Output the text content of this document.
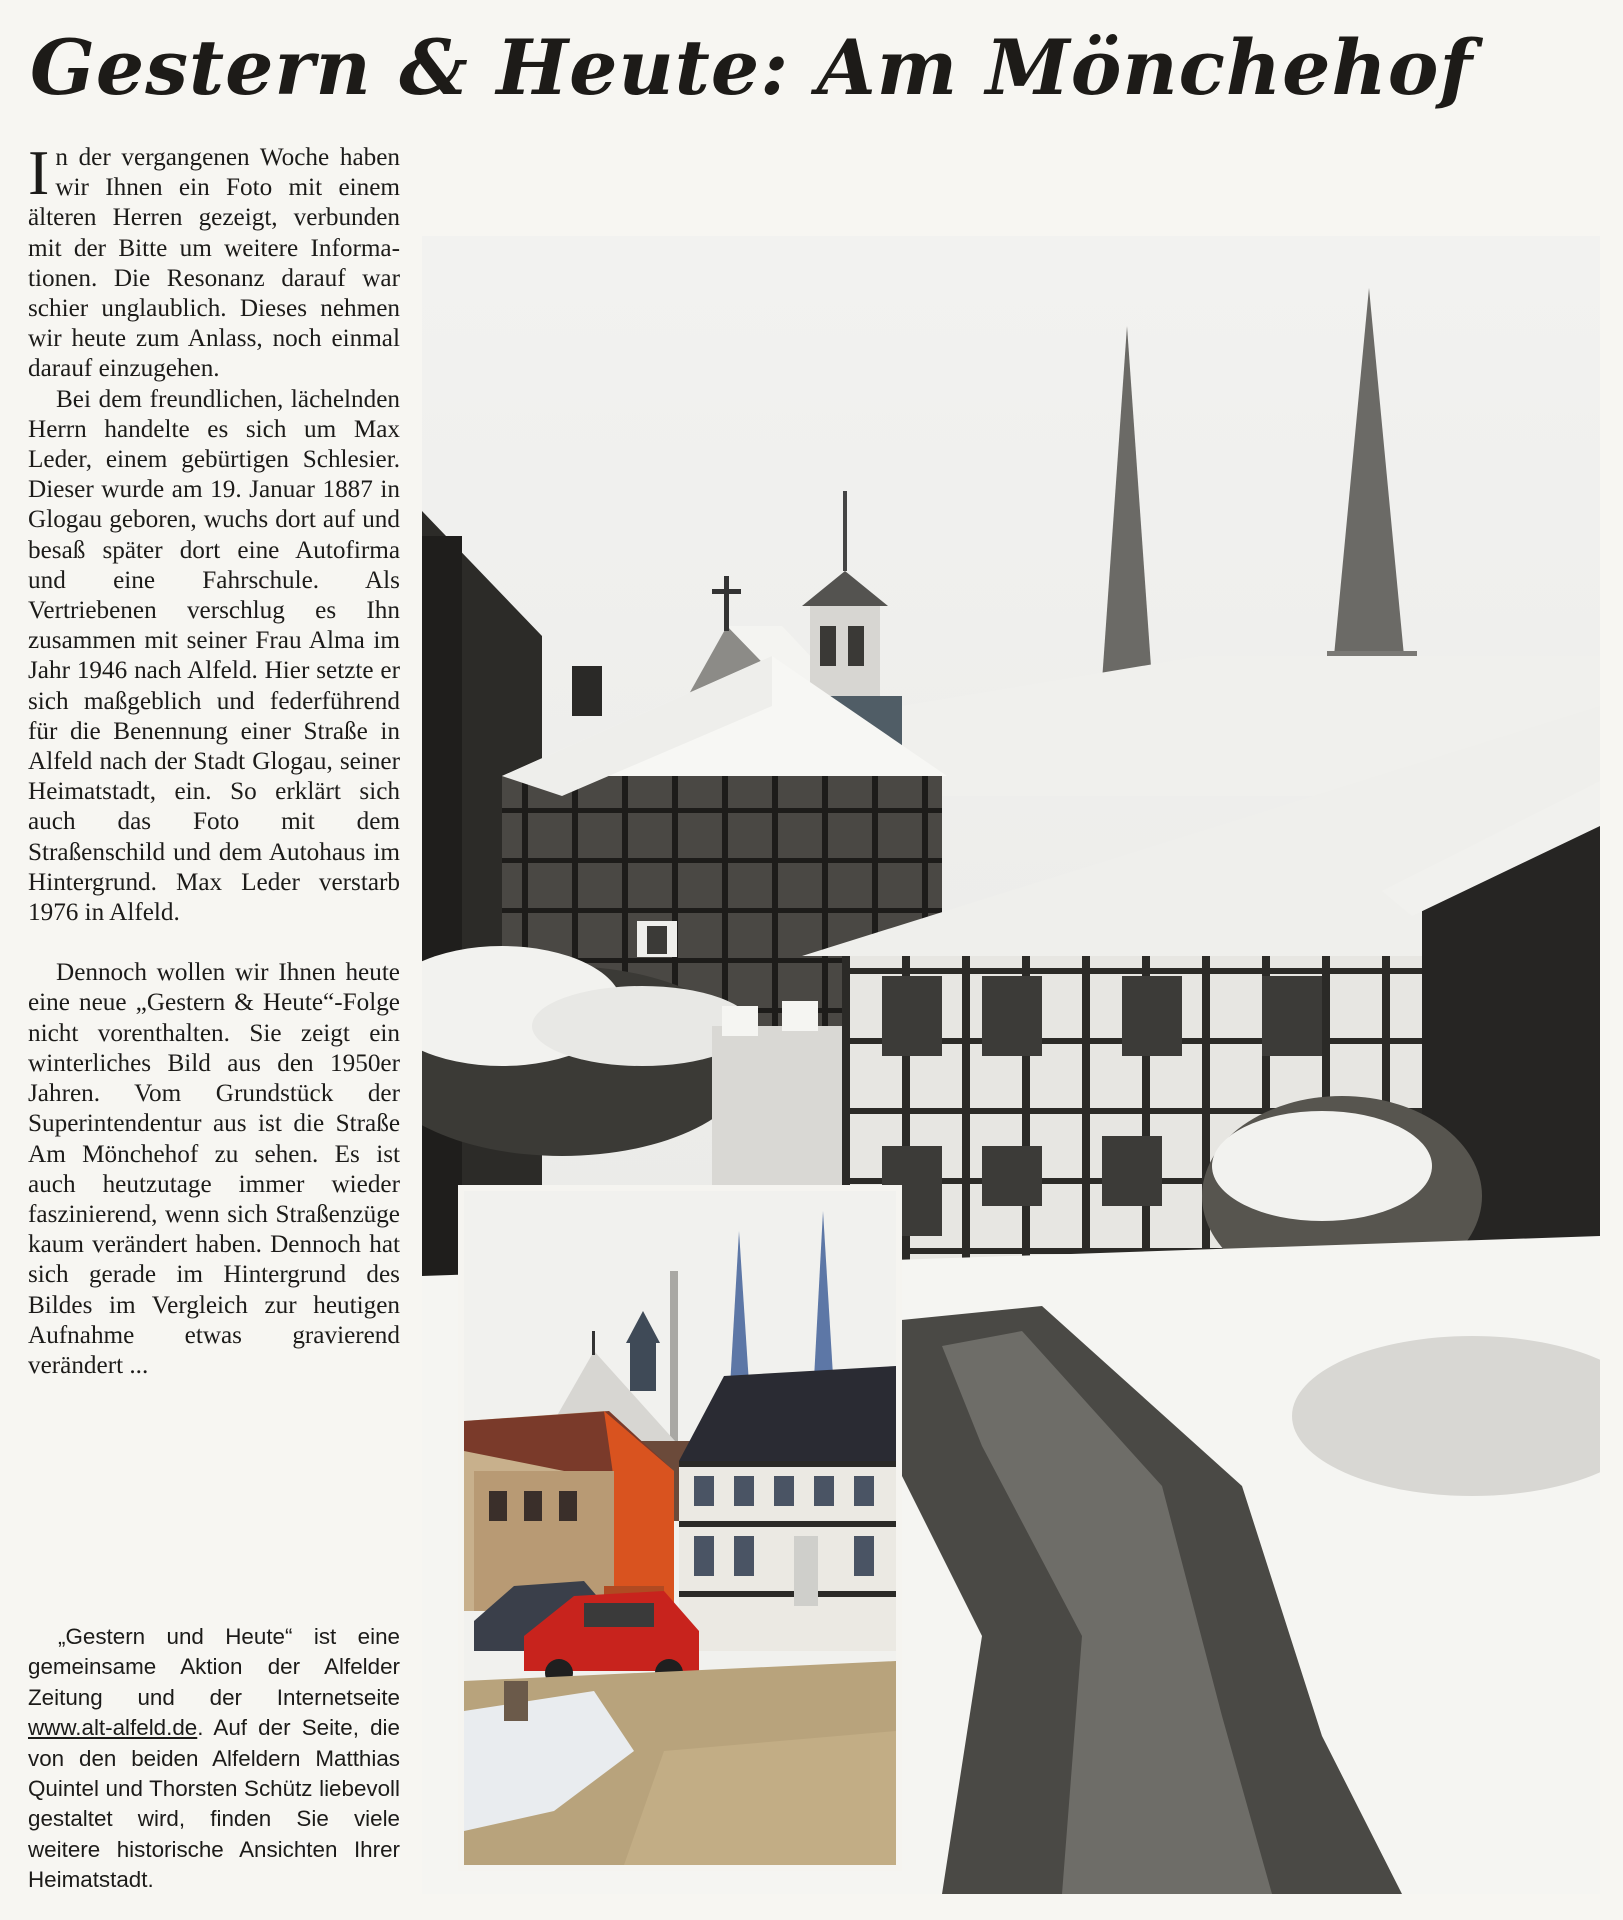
Gestern & Heute: Am Mönchehof

In der vergangenen Woche haben wir Ihnen ein Foto mit einem älteren Herren gezeigt, verbunden mit der Bitte um weitere Informationen. Die Resonanz darauf war schier unglaublich. Dieses nehmen wir heute zum Anlass, noch einmal darauf einzugehen.

Bei dem freundlichen, lächelnden Herrn handelte es sich um Max Leder, einem gebürtigen Schlesier. Dieser wurde am 19. Januar 1887 in Glogau geboren, wuchs dort auf und besaß später dort eine Autofirma und eine Fahrschule. Als Vertriebenen verschlug es Ihn zusammen mit seiner Frau Alma im Jahr 1946 nach Alfeld. Hier setzte er sich maßgeblich und federführend für die Benennung einer Straße in Alfeld nach der Stadt Glogau, seiner Heimatstadt, ein. So erklärt sich auch das Foto mit dem Straßenschild und dem Autohaus im Hintergrund. Max Leder verstarb 1976 in Alfeld.

Dennoch wollen wir Ihnen heute eine neue „Gestern & Heute“-Folge nicht vorenthalten. Sie zeigt ein winterliches Bild aus den 1950er Jahren. Vom Grundstück der Superintendentur aus ist die Straße Am Mönchehof zu sehen. Es ist auch heutzutage immer wieder faszinierend, wenn sich Straßenzüge kaum verändert haben. Dennoch hat sich gerade im Hintergrund des Bildes im Vergleich zur heutigen Aufnahme etwas gravierend verändert ...

„Gestern und Heute“ ist eine gemeinsame Aktion der Alfelder Zeitung und der Internetseite www.alt-alfeld.de. Auf der Seite, die von den beiden Alfeldern Matthias Quintel und Thorsten Schütz liebevoll gestaltet wird, finden Sie viele weitere historische Ansichten Ihrer Heimatstadt.
